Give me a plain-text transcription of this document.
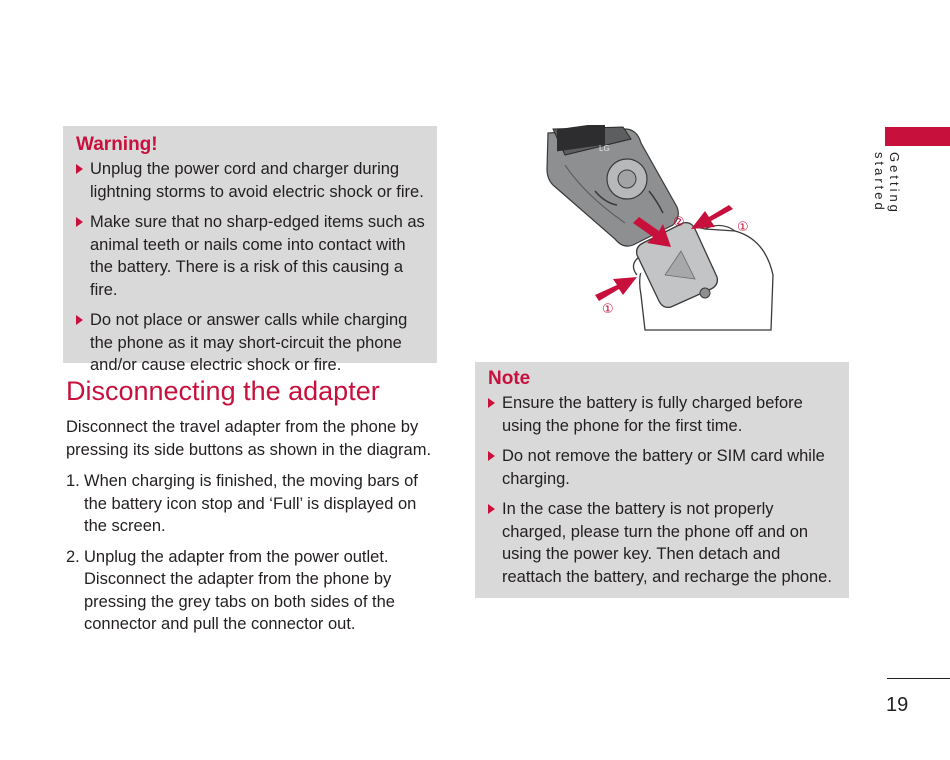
Warning!

Unplug the power cord and charger during lightning storms to avoid electric shock or fire.
Make sure that no sharp-edged items such as animal teeth or nails come into contact with the battery. There is a risk of this causing a fire.
Do not place or answer calls while charging the phone as it may short-circuit the phone and/or cause electric shock or fire.
Disconnecting the adapter

Disconnect the travel adapter from the phone by pressing its side buttons as shown in the diagram.

1. When charging is finished, the moving bars of the battery icon stop and ‘Full’ is displayed on the screen.
2. Unplug the adapter from the power outlet. Disconnect the adapter from the phone by pressing the grey tabs on both sides of the connector and pull the connector out.
LG
②	①
①

Note

Ensure the battery is fully charged before using the phone for the first time.
Do not remove the battery or SIM card while charging.
In the case the battery is not properly charged, please turn the phone off and on using the power key. Then detach and reattach the battery, and recharge the phone.
Getting started
19
